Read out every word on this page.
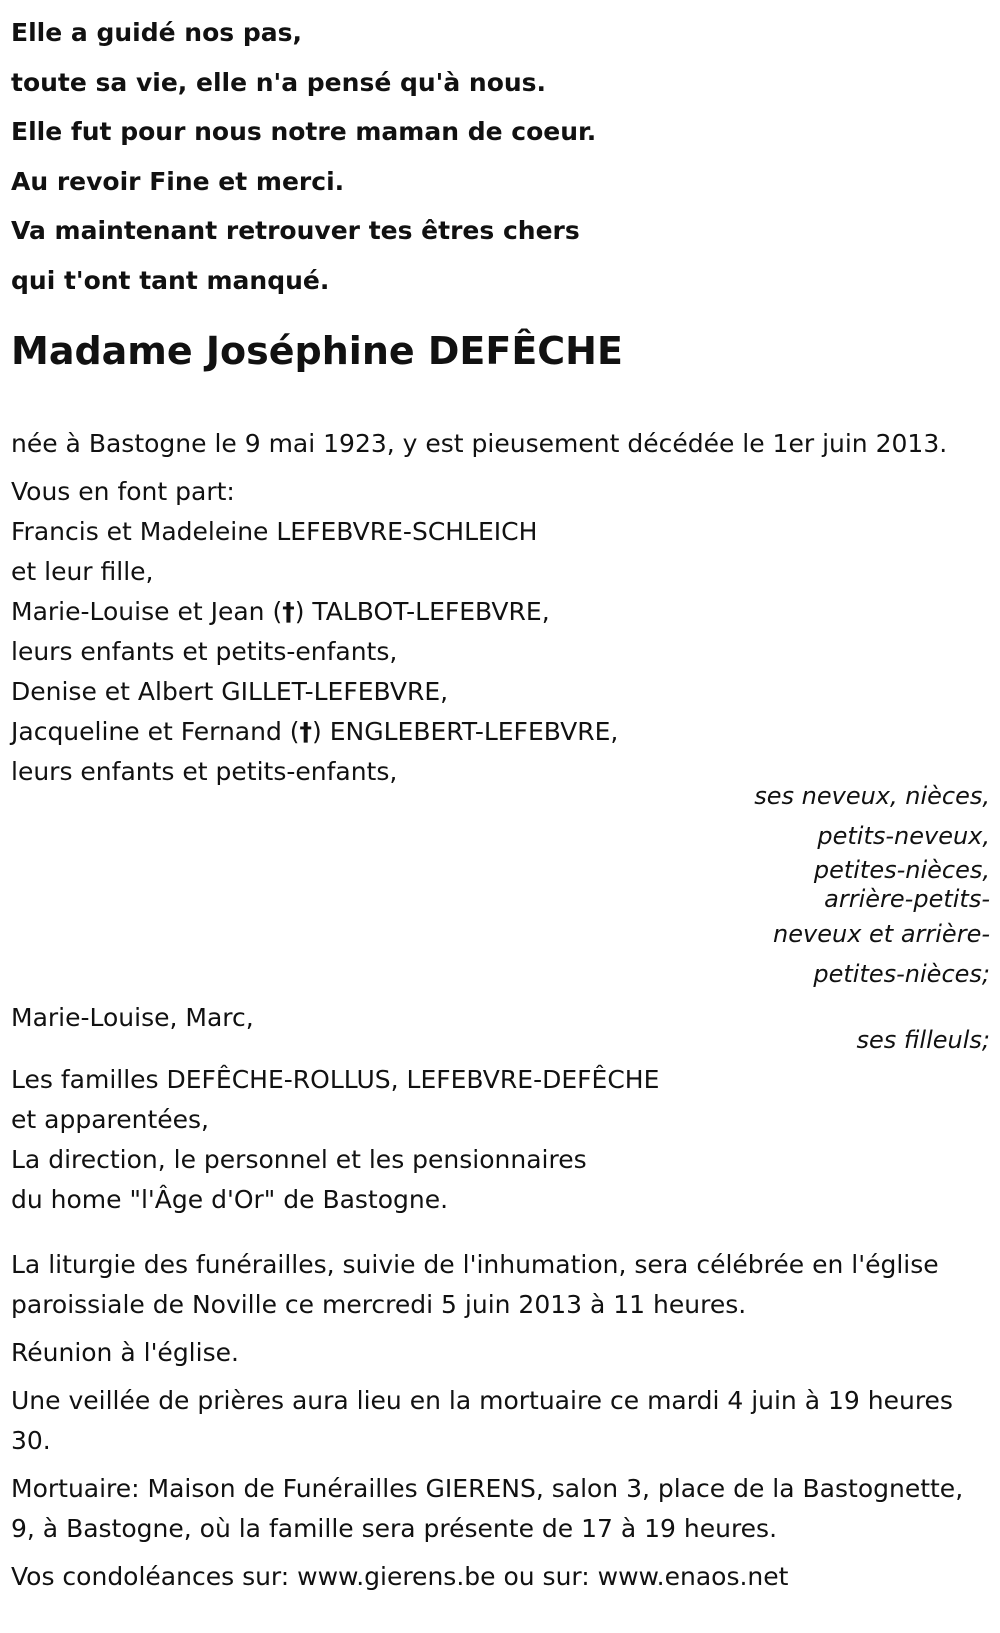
Elle a guidé nos pas,
toute sa vie, elle n'a pensé qu'à nous.
Elle fut pour nous notre maman de coeur.
Au revoir Fine et merci.
Va maintenant retrouver tes êtres chers
qui t'ont tant manqué.
Madame Joséphine DEFÊCHE
née à Bastogne le 9 mai 1923, y est pieusement décédée le 1er juin 2013.
Vous en font part:
Francis et Madeleine LEFEBVRE-SCHLEICH
et leur fille,
Marie-Louise et Jean (†) TALBOT-LEFEBVRE,
leurs enfants et petits-enfants,
Denise et Albert GILLET-LEFEBVRE,
Jacqueline et Fernand (†) ENGLEBERT-LEFEBVRE,
leurs enfants et petits-enfants,
ses neveux, nièces,
petits-neveux,
petites-nièces,
arrière-petits-
neveux et arrière-
petites-nièces;
Marie-Louise, Marc,
ses filleuls;
Les familles DEFÊCHE-ROLLUS, LEFEBVRE-DEFÊCHE
et apparentées,
La direction, le personnel et les pensionnaires
du home "l'Âge d'Or" de Bastogne.
La liturgie des funérailles, suivie de l'inhumation, sera célébrée en l'église paroissiale de Noville ce mercredi 5 juin 2013 à 11 heures.
Réunion à l'église.
Une veillée de prières aura lieu en la mortuaire ce mardi 4 juin à 19 heures 30.
Mortuaire: Maison de Funérailles GIERENS, salon 3, place de la Bastognette, 9, à Bastogne, où la famille sera présente de 17 à 19 heures.
Vos condoléances sur: www.gierens.be ou sur: www.enaos.net
